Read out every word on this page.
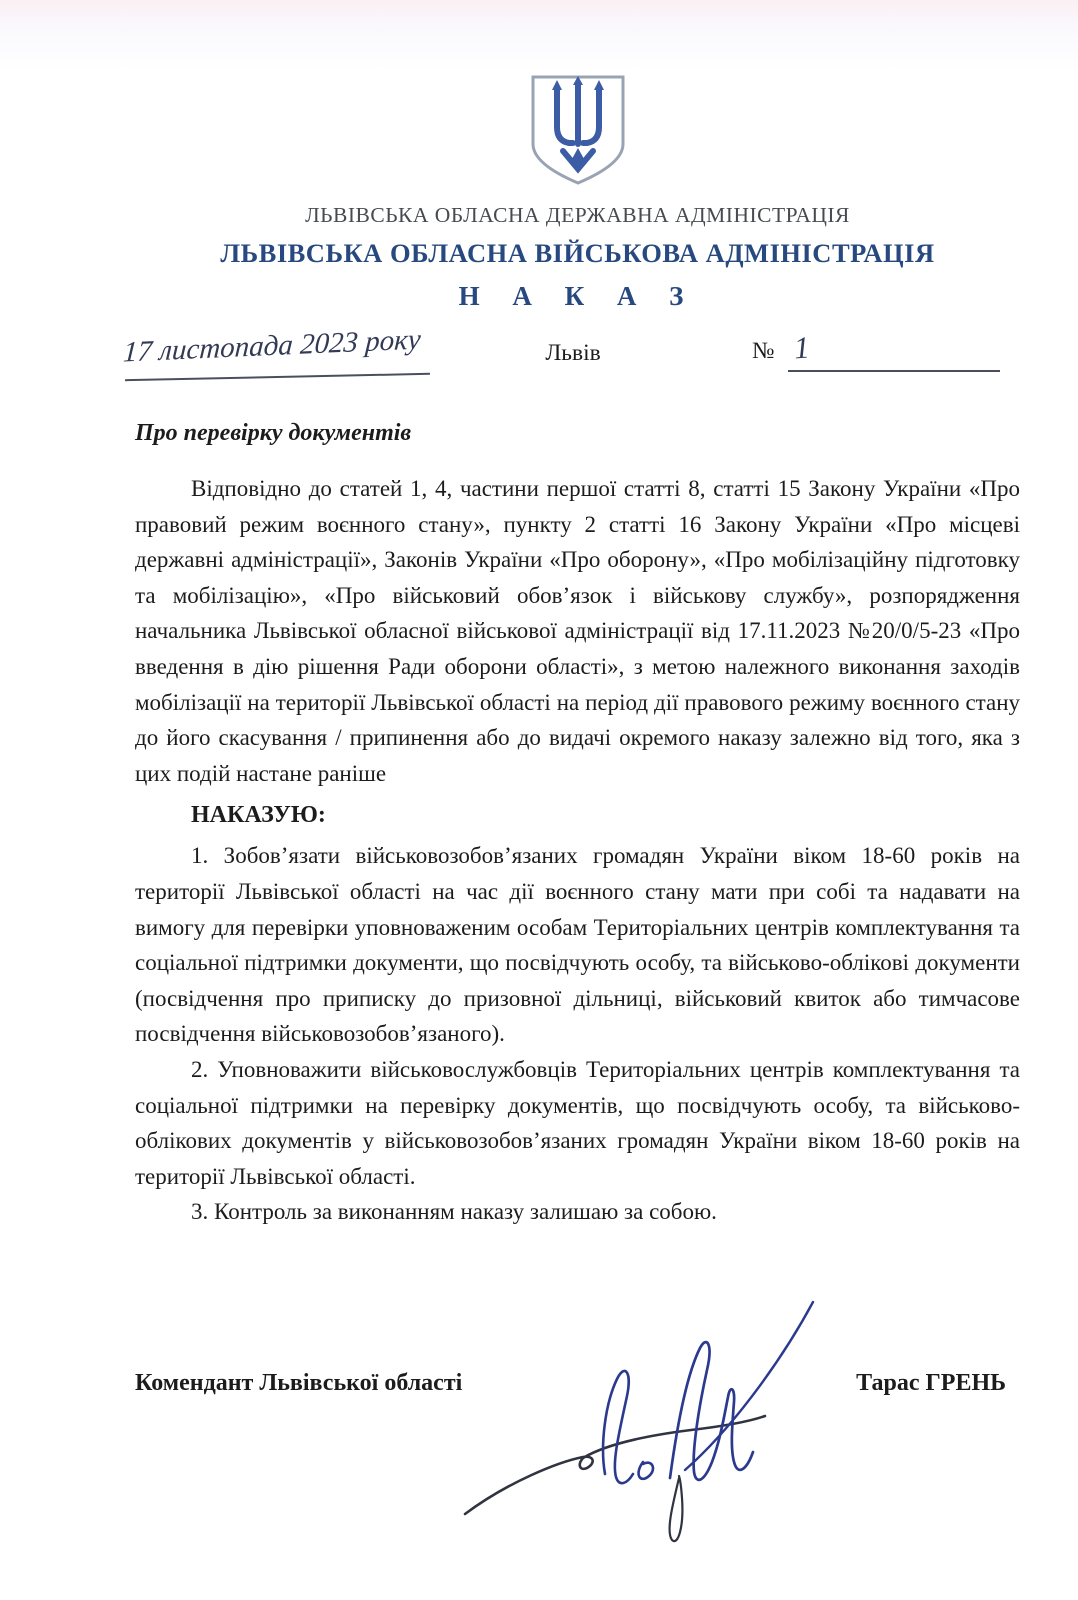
ЛЬВІВСЬКА ОБЛАСНА ДЕРЖАВНА АДМІНІСТРАЦІЯ
ЛЬВІВСЬКА ОБЛАСНА ВІЙСЬКОВА АДМІНІСТРАЦІЯ
Н А К А З
17 листопада 2023 року	Львів	№ 1
Про перевірку документів

Відповідно до статей 1, 4, частини першої статті 8, статті 15 Закону України «Про правовий режим воєнного стану», пункту 2 статті 16 Закону України «Про місцеві державні адміністрації», Законів України «Про оборону», «Про мобілізаційну підготовку та мобілізацію», «Про військовий обов’язок і військову службу», розпорядження начальника Львівської обласної військової адміністрації від 17.11.2023 №20/0/5-23 «Про введення в дію рішення Ради оборони області», з метою належного виконання заходів мобілізації на території Львівської області на період дії правового режиму воєнного стану до його скасування / припинення або до видачі окремого наказу залежно від того, яка з цих подій настане раніше

НАКАЗУЮ:

1. Зобов’язати військовозобов’язаних громадян України віком 18-60 років на території Львівської області на час дії воєнного стану мати при собі та надавати на вимогу для перевірки уповноваженим особам Територіальних центрів комплектування та соціальної підтримки документи, що посвідчують особу, та військово-облікові документи (посвідчення про приписку до призовної дільниці, військовий квиток або тимчасове посвідчення військовозобов’язаного).

2. Уповноважити військовослужбовців Територіальних центрів комплектування та соціальної підтримки на перевірку документів, що посвідчують особу, та військово-облікових документів у військовозобов’язаних громадян України віком 18-60 років на території Львівської області.

3. Контроль за виконанням наказу залишаю за собою.

Комендант Львівської області	Тарас ГРЕНЬ
